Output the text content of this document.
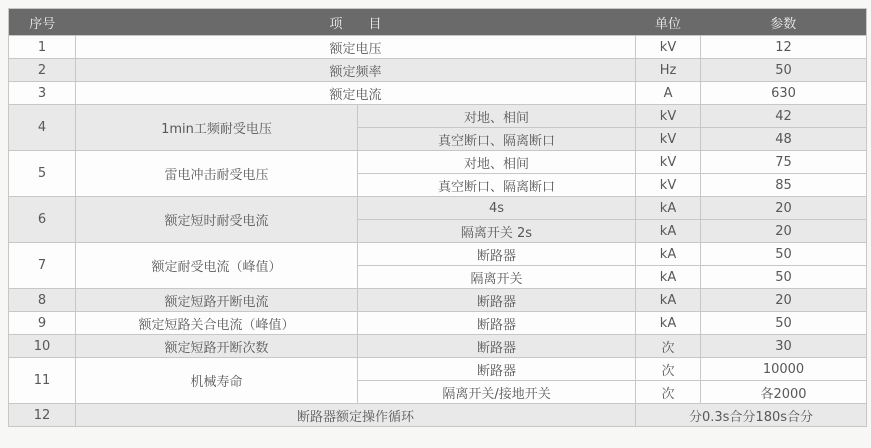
序号	项　　目		单位	参数
1	额定电压		kV	12
2	额定频率		Hz	50
3	额定电流		A	630
4	1min工频耐受电压	对地、相间	kV	42
		真空断口、隔离断口	kV	48
5	雷电冲击耐受电压	对地、相间	kV	75
		真空断口、隔离断口	kV	85
6	额定短时耐受电流	4s	kA	20
		隔离开关 2s	kA	20
7	额定耐受电流（峰值）	断路器	kA	50
		隔离开关	kA	50
8	额定短路开断电流	断路器	kA	20
9	额定短路关合电流（峰值）	断路器	kA	50
10	额定短路开断次数	断路器	次	30
11	机械寿命	断路器	次	10000
		隔离开关/接地开关	次	各2000
12	断路器额定操作循环		分0.3s合分180s合分	
